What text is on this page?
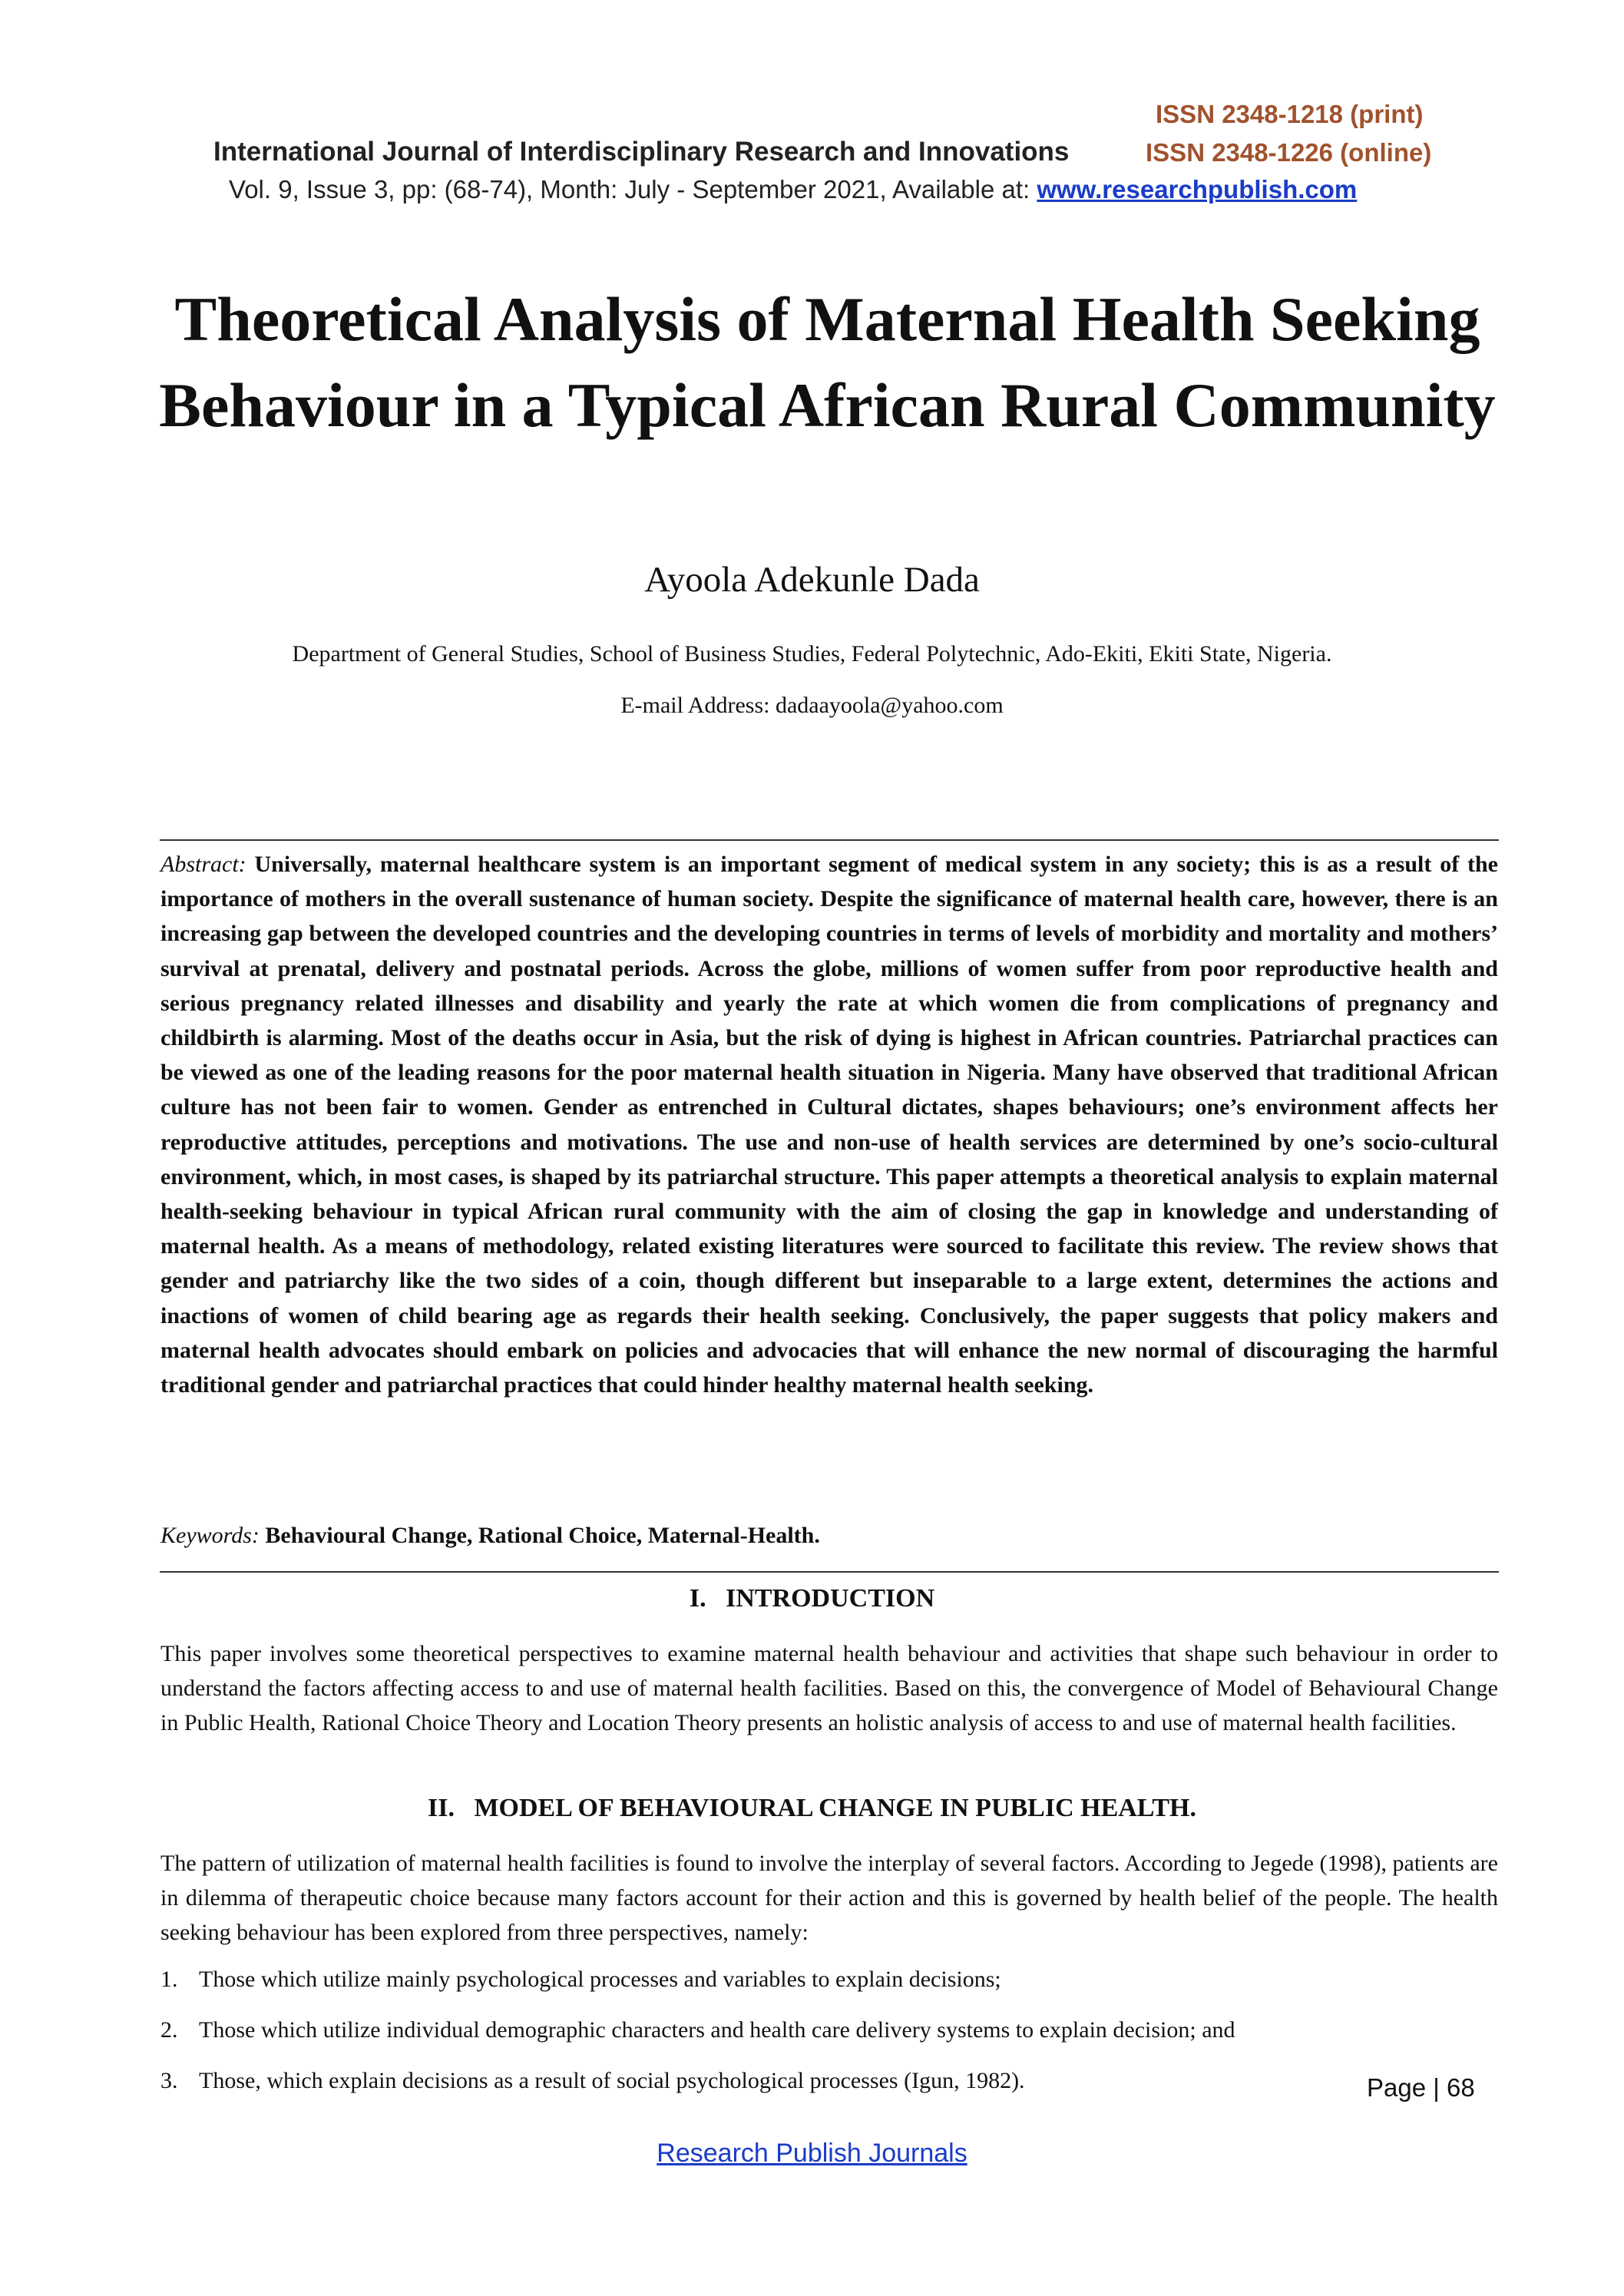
ISSN 2348-1218 (print)
International Journal of Interdisciplinary Research and Innovations	ISSN 2348-1226 (online)
Vol. 9, Issue 3, pp: (68-74), Month: July - September 2021, Available at: www.researchpublish.com
Theoretical Analysis of Maternal Health Seeking Behaviour in a Typical African Rural Community
Ayoola Adekunle Dada
Department of General Studies, School of Business Studies, Federal Polytechnic, Ado-Ekiti, Ekiti State, Nigeria.
E-mail Address: dadaayoola@yahoo.com
Abstract: Universally, maternal healthcare system is an important segment of medical system in any society; this is as a result of the importance of mothers in the overall sustenance of human society. Despite the significance of maternal health care, however, there is an increasing gap between the developed countries and the developing countries in terms of levels of morbidity and mortality and mothers’ survival at prenatal, delivery and postnatal periods. Across the globe, millions of women suffer from poor reproductive health and serious pregnancy related illnesses and disability and yearly the rate at which women die from complications of pregnancy and childbirth is alarming. Most of the deaths occur in Asia, but the risk of dying is highest in African countries. Patriarchal practices can be viewed as one of the leading reasons for the poor maternal health situation in Nigeria. Many have observed that traditional African culture has not been fair to women. Gender as entrenched in Cultural dictates, shapes behaviours; one’s environment affects her reproductive attitudes, perceptions and motivations. The use and non-use of health services are determined by one’s socio-cultural environment, which, in most cases, is shaped by its patriarchal structure. This paper attempts a theoretical analysis to explain maternal health-seeking behaviour in typical African rural community with the aim of closing the gap in knowledge and understanding of maternal health. As a means of methodology, related existing literatures were sourced to facilitate this review. The review shows that gender and patriarchy like the two sides of a coin, though different but inseparable to a large extent, determines the actions and inactions of women of child bearing age as regards their health seeking. Conclusively, the paper suggests that policy makers and maternal health advocates should embark on policies and advocacies that will enhance the new normal of discouraging the harmful traditional gender and patriarchal practices that could hinder healthy maternal health seeking.
Keywords: Behavioural Change, Rational Choice, Maternal-Health.
I.   INTRODUCTION
This paper involves some theoretical perspectives to examine maternal health behaviour and activities that shape such behaviour in order to understand the factors affecting access to and use of maternal health facilities. Based on this, the convergence of Model of Behavioural Change in Public Health, Rational Choice Theory and Location Theory presents an holistic analysis of access to and use of maternal health facilities.
II.   MODEL OF BEHAVIOURAL CHANGE IN PUBLIC HEALTH.
The pattern of utilization of maternal health facilities is found to involve the interplay of several factors. According to Jegede (1998), patients are in dilemma of therapeutic choice because many factors account for their action and this is governed by health belief of the people. The health seeking behaviour has been explored from three perspectives, namely:
1. Those which utilize mainly psychological processes and variables to explain decisions;
2. Those which utilize individual demographic characters and health care delivery systems to explain decision; and
3. Those, which explain decisions as a result of social psychological processes (Igun, 1982).	Page | 68
Research Publish Journals
